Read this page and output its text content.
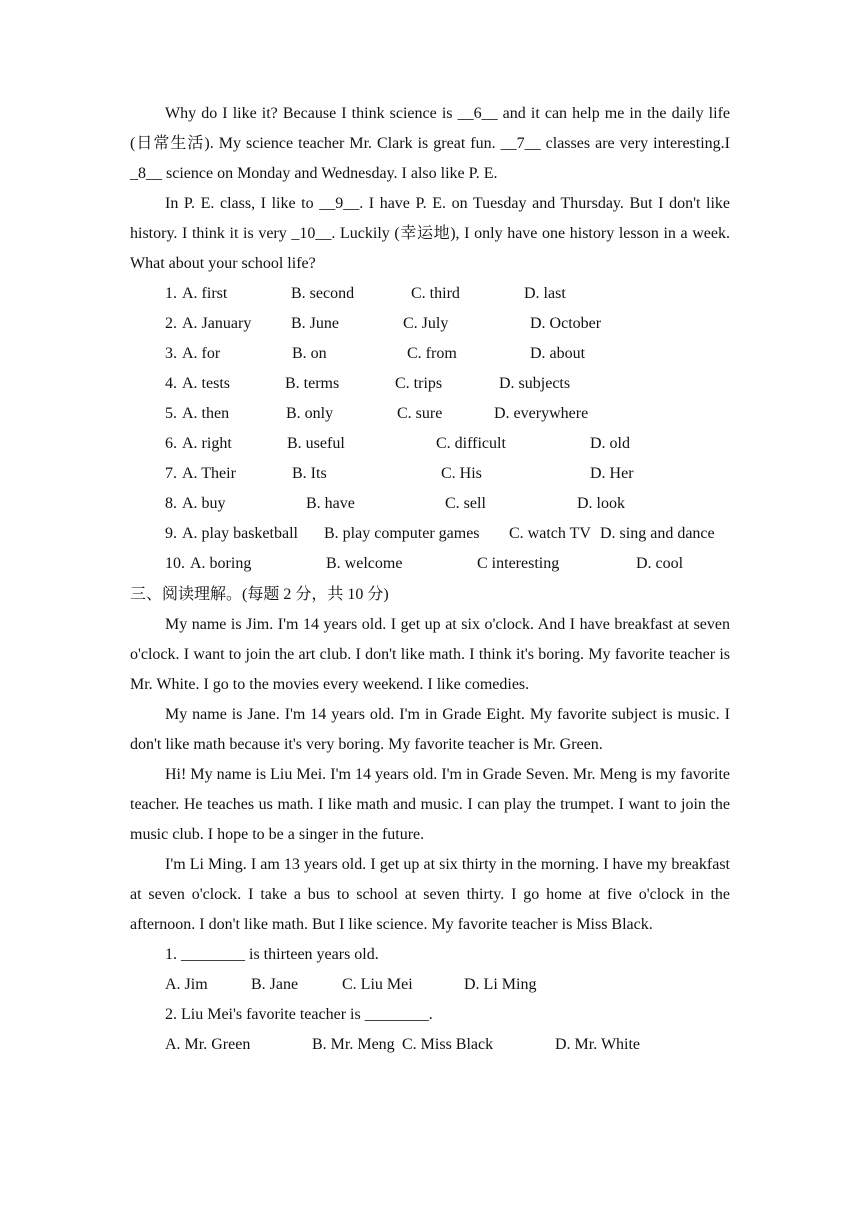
Why do I like it? Because I think science is __6__ and it can help me in the daily life (日常生活). My science teacher Mr. Clark is great fun. __7__ classes are very interesting.I _8__ science on Monday and Wednesday. I also like P. E.

In P. E. class, I like to __9__. I have P. E. on Tuesday and Thursday. But I don't like history. I think it is very _10__. Luckily (幸运地), I only have one history lesson in a week. What about your school life?

1. A. first	B. second	C. third	D. last
2. A. January B. June	C. July	D. October
3. A. for	B. on	C. from	D. about
4. A. tests	B. terms	C. trips	D. subjects
5. A. then	B. only	C. sure	D. everywhere
6. A. right	B. useful	C. difficult	D. old
7. A. Their	B. Its	C. His	D. Her
8. A. buy	B. have	C. sell	D. look
9. A. play basketball B. play computer games C. watch TV D. sing and dance
10. A. boring	B. welcome	C interesting	D. cool

三、阅读理解。(每题 2 分，共 10 分)

My name is Jim. I'm 14 years old. I get up at six o'clock. And I have breakfast at seven o'clock. I want to join the art club. I don't like math. I think it's boring. My favorite teacher is Mr. White. I go to the movies every weekend. I like comedies.

My name is Jane. I'm 14 years old. I'm in Grade Eight. My favorite subject is music. I don't like math because it's very boring. My favorite teacher is Mr. Green.

Hi! My name is Liu Mei. I'm 14 years old. I'm in Grade Seven. Mr. Meng is my favorite teacher. He teaches us math. I like math and music. I can play the trumpet. I want to join the music club. I hope to be a singer in the future.

I'm Li Ming. I am 13 years old. I get up at six thirty in the morning. I have my breakfast at seven o'clock. I take a bus to school at seven thirty. I go home at five o'clock in the afternoon. I don't like math. But I like science. My favorite teacher is Miss Black.

1. ________ is thirteen years old.
A. Jim	B. Jane	C. Liu Mei	D. Li Ming
2. Liu Mei's favorite teacher is ________.
A. Mr. Green	B. Mr. Meng C. Miss Black	D. Mr. White
